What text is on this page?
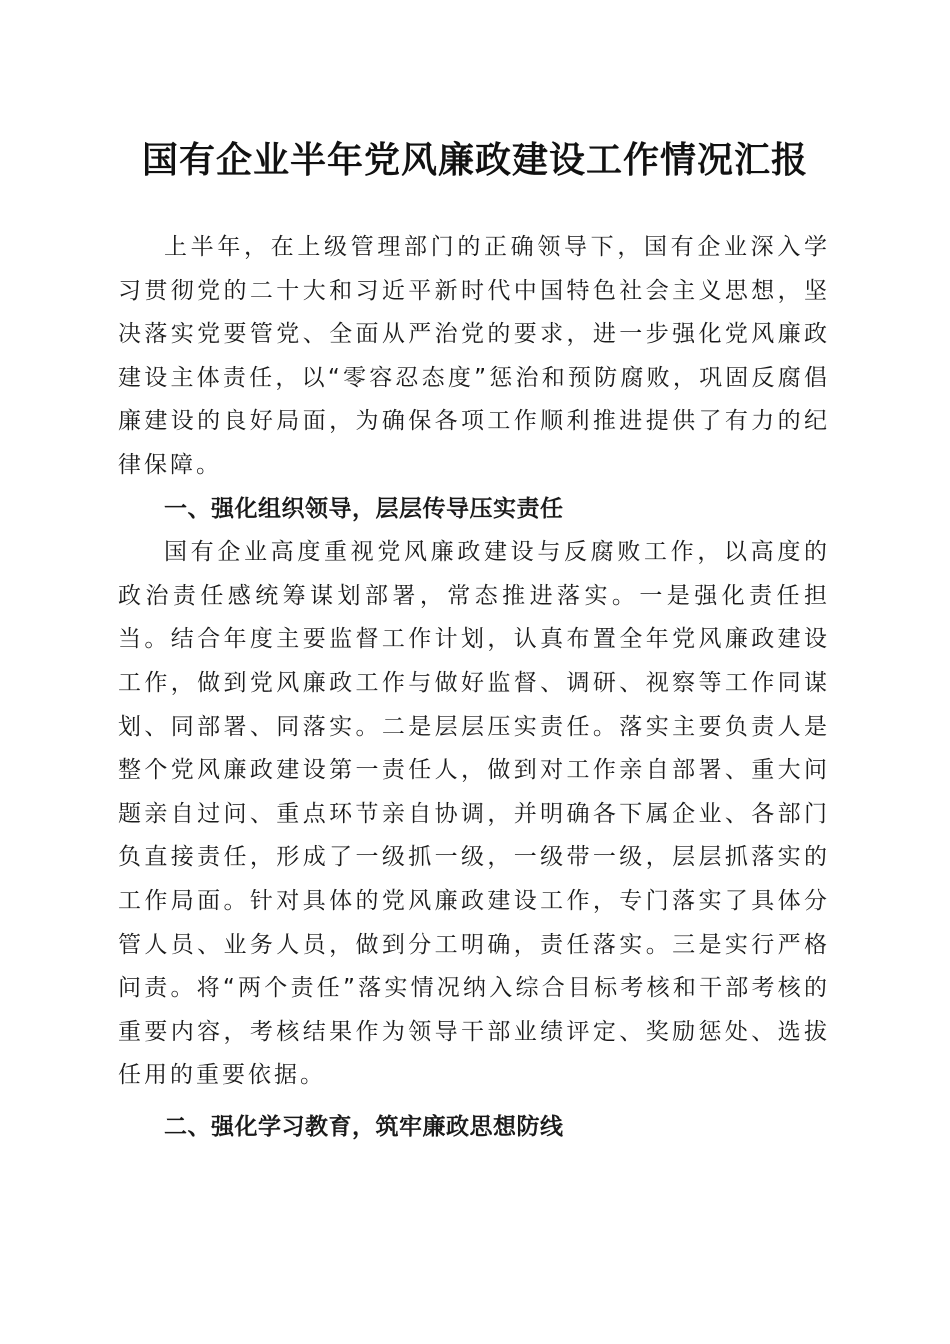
国有企业半年党风廉政建设工作情况汇报

上半年，在上级管理部门的正确领导下，国有企业深入学习贯彻党的二十大和习近平新时代中国特色社会主义思想，坚决落实党要管党、全面从严治党的要求，进一步强化党风廉政建设主体责任，以“零容忍态度”惩治和预防腐败，巩固反腐倡廉建设的良好局面，为确保各项工作顺利推进提供了有力的纪律保障。

一、强化组织领导，层层传导压实责任

国有企业高度重视党风廉政建设与反腐败工作，以高度的政治责任感统筹谋划部署，常态推进落实。一是强化责任担当。结合年度主要监督工作计划，认真布置全年党风廉政建设工作，做到党风廉政工作与做好监督、调研、视察等工作同谋划、同部署、同落实。二是层层压实责任。落实主要负责人是整个党风廉政建设第一责任人，做到对工作亲自部署、重大问题亲自过问、重点环节亲自协调，并明确各下属企业、各部门负直接责任，形成了一级抓一级，一级带一级，层层抓落实的工作局面。针对具体的党风廉政建设工作，专门落实了具体分管人员、业务人员，做到分工明确，责任落实。三是实行严格问责。将“两个责任”落实情况纳入综合目标考核和干部考核的重要内容，考核结果作为领导干部业绩评定、奖励惩处、选拔任用的重要依据。

二、强化学习教育，筑牢廉政思想防线
